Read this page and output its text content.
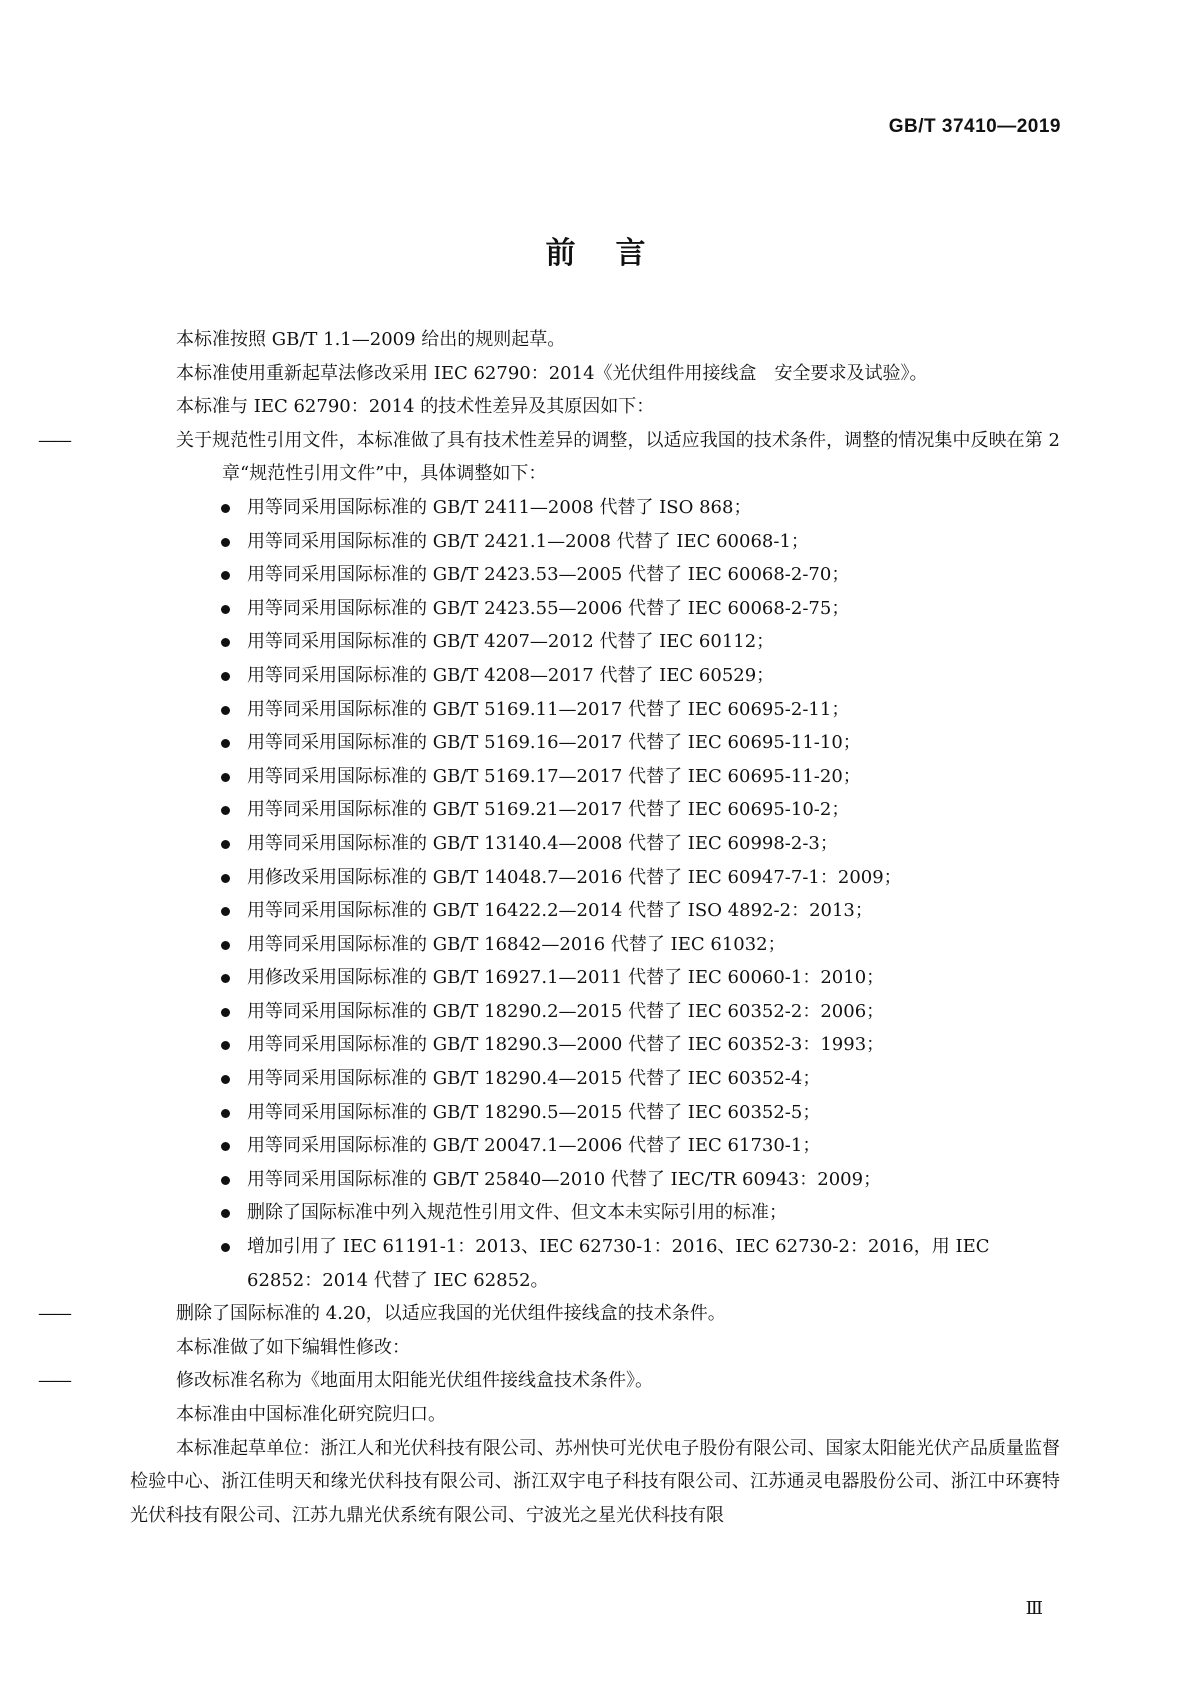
GB/T 37410—2019
前言

本标准按照 GB/T 1.1—2009 给出的规则起草。

本标准使用重新起草法修改采用 IEC 62790：2014《光伏组件用接线盒　安全要求及试验》。

本标准与 IEC 62790：2014 的技术性差异及其原因如下：

——	关于规范性引用文件，本标准做了具有技术性差异的调整，以适应我国的技术条件，调整的情况集中反映在第 2 章“规范性引用文件”中，具体调整如下：

用等同采用国际标准的 GB/T 2411—2008 代替了 ISO 868；
用等同采用国际标准的 GB/T 2421.1—2008 代替了 IEC 60068-1；
用等同采用国际标准的 GB/T 2423.53—2005 代替了 IEC 60068-2-70；
用等同采用国际标准的 GB/T 2423.55—2006 代替了 IEC 60068-2-75；
用等同采用国际标准的 GB/T 4207—2012 代替了 IEC 60112；
用等同采用国际标准的 GB/T 4208—2017 代替了 IEC 60529；
用等同采用国际标准的 GB/T 5169.11—2017 代替了 IEC 60695-2-11；
用等同采用国际标准的 GB/T 5169.16—2017 代替了 IEC 60695-11-10；
用等同采用国际标准的 GB/T 5169.17—2017 代替了 IEC 60695-11-20；
用等同采用国际标准的 GB/T 5169.21—2017 代替了 IEC 60695-10-2；
用等同采用国际标准的 GB/T 13140.4—2008 代替了 IEC 60998-2-3；
用修改采用国际标准的 GB/T 14048.7—2016 代替了 IEC 60947-7-1：2009；
用等同采用国际标准的 GB/T 16422.2—2014 代替了 ISO 4892-2：2013；
用等同采用国际标准的 GB/T 16842—2016 代替了 IEC 61032；
用修改采用国际标准的 GB/T 16927.1—2011 代替了 IEC 60060-1：2010；
用等同采用国际标准的 GB/T 18290.2—2015 代替了 IEC 60352-2：2006；
用等同采用国际标准的 GB/T 18290.3—2000 代替了 IEC 60352-3：1993；
用等同采用国际标准的 GB/T 18290.4—2015 代替了 IEC 60352-4；
用等同采用国际标准的 GB/T 18290.5—2015 代替了 IEC 60352-5；
用等同采用国际标准的 GB/T 20047.1—2006 代替了 IEC 61730-1；
用等同采用国际标准的 GB/T 25840—2010 代替了 IEC/TR 60943：2009；
删除了国际标准中列入规范性引用文件、但文本未实际引用的标准；
增加引用了 IEC 61191-1：2013、IEC 62730-1：2016、IEC 62730-2：2016，用 IEC 62852：2014 代替了 IEC 62852。

——	删除了国际标准的 4.20，以适应我国的光伏组件接线盒的技术条件。

本标准做了如下编辑性修改：

——	修改标准名称为《地面用太阳能光伏组件接线盒技术条件》。

本标准由中国标准化研究院归口。

本标准起草单位：浙江人和光伏科技有限公司、苏州快可光伏电子股份有限公司、国家太阳能光伏产品质量监督检验中心、浙江佳明天和缘光伏科技有限公司、浙江双宇电子科技有限公司、江苏通灵电器股份公司、浙江中环赛特光伏科技有限公司、江苏九鼎光伏系统有限公司、宁波光之星光伏科技有限

Ⅲ
